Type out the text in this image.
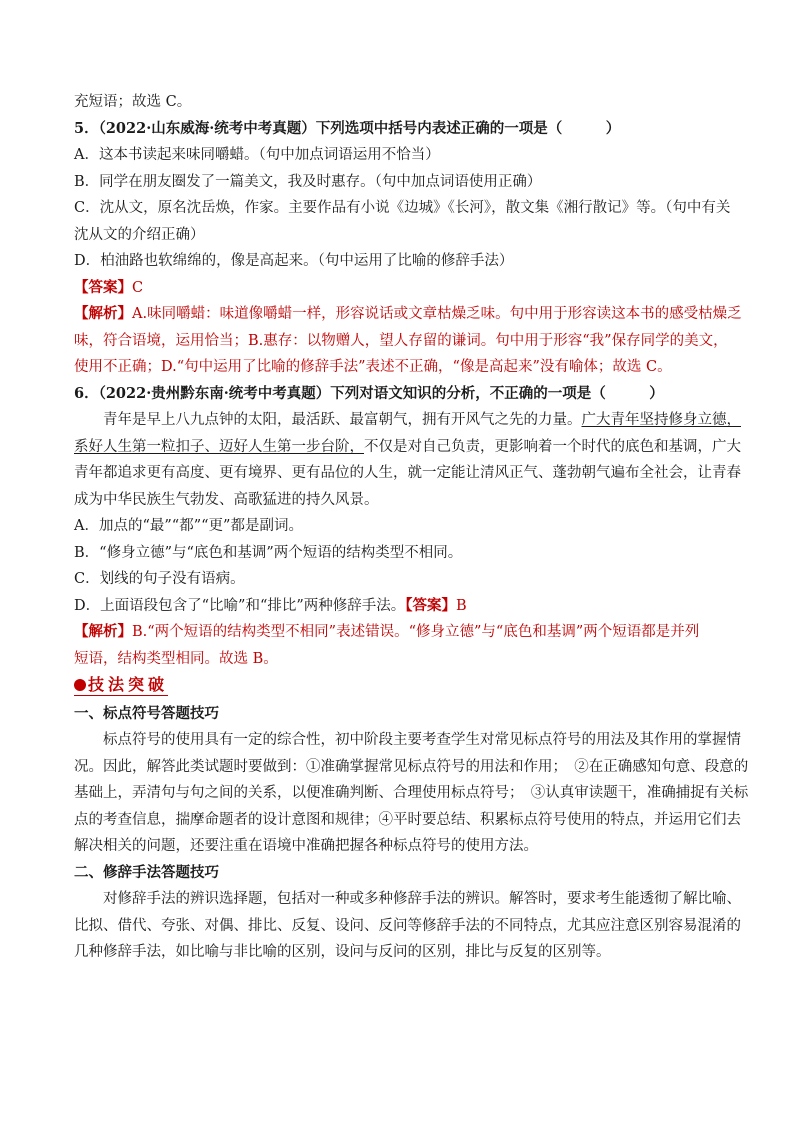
充短语；故选 C。
5．（2022·山东威海·统考中考真题）下列选项中括号内表述正确的一项是（　　　）
A．这本书读起来味同嚼蜡。（句中加点词语运用不恰当）
B．同学在朋友圈发了一篇美文，我及时惠存。（句中加点词语使用正确）
C．沈从文，原名沈岳焕，作家。主要作品有小说《边城》《长河》，散文集《湘行散记》等。（句中有关
沈从文的介绍正确）
D．柏油路也软绵绵的，像是高起来。（句中运用了比喻的修辞手法）
【答案】C
【解析】A.味同嚼蜡：味道像嚼蜡一样，形容说话或文章枯燥乏味。句中用于形容读这本书的感受枯燥乏
味，符合语境，运用恰当；B.惠存：以物赠人，望人存留的谦词。句中用于形容“我”保存同学的美文，
使用不正确；D.“句中运用了比喻的修辞手法”表述不正确，“像是高起来”没有喻体；故选 C。
6．（2022·贵州黔东南·统考中考真题）下列对语文知识的分析，不正确的一项是（　　　）
青年是早上八九点钟的太阳，最活跃、最富朝气，拥有开风气之先的力量。广大青年坚持修身立德，
系好人生第一粒扣子、迈好人生第一步台阶，不仅是对自己负责，更影响着一个时代的底色和基调，广大
青年都追求更有高度、更有境界、更有品位的人生，就一定能让清风正气、蓬勃朝气遍布全社会，让青春
成为中华民族生气勃发、高歌猛进的持久风景。
A．加点的“最”“都”“更”都是副词。
B．“修身立德”与“底色和基调”两个短语的结构类型不相同。
C．划线的句子没有语病。
D．上面语段包含了“比喻”和“排比”两种修辞手法。【答案】B
【解析】B.“两个短语的结构类型不相同”表述错误。“修身立德”与“底色和基调”两个短语都是并列
短语，结构类型相同。故选 B。
技法突破
一、标点符号答题技巧
标点符号的使用具有一定的综合性，初中阶段主要考查学生对常见标点符号的用法及其作用的掌握情
况。因此，解答此类试题时要做到：①准确掌握常见标点符号的用法和作用；　②在正确感知句意、段意的
基础上，弄清句与句之间的关系，以便准确判断、合理使用标点符号；　③认真审读题干，准确捕捉有关标
点的考查信息，揣摩命题者的设计意图和规律；④平时要总结、积累标点符号使用的特点，并运用它们去
解决相关的问题，还要注重在语境中准确把握各种标点符号的使用方法。
二、修辞手法答题技巧
对修辞手法的辨识选择题，包括对一种或多种修辞手法的辨识。解答时，要求考生能透彻了解比喻、
比拟、借代、夸张、对偶、排比、反复、设问、反问等修辞手法的不同特点，尤其应注意区别容易混淆的
几种修辞手法，如比喻与非比喻的区别，设问与反问的区别，排比与反复的区别等。
